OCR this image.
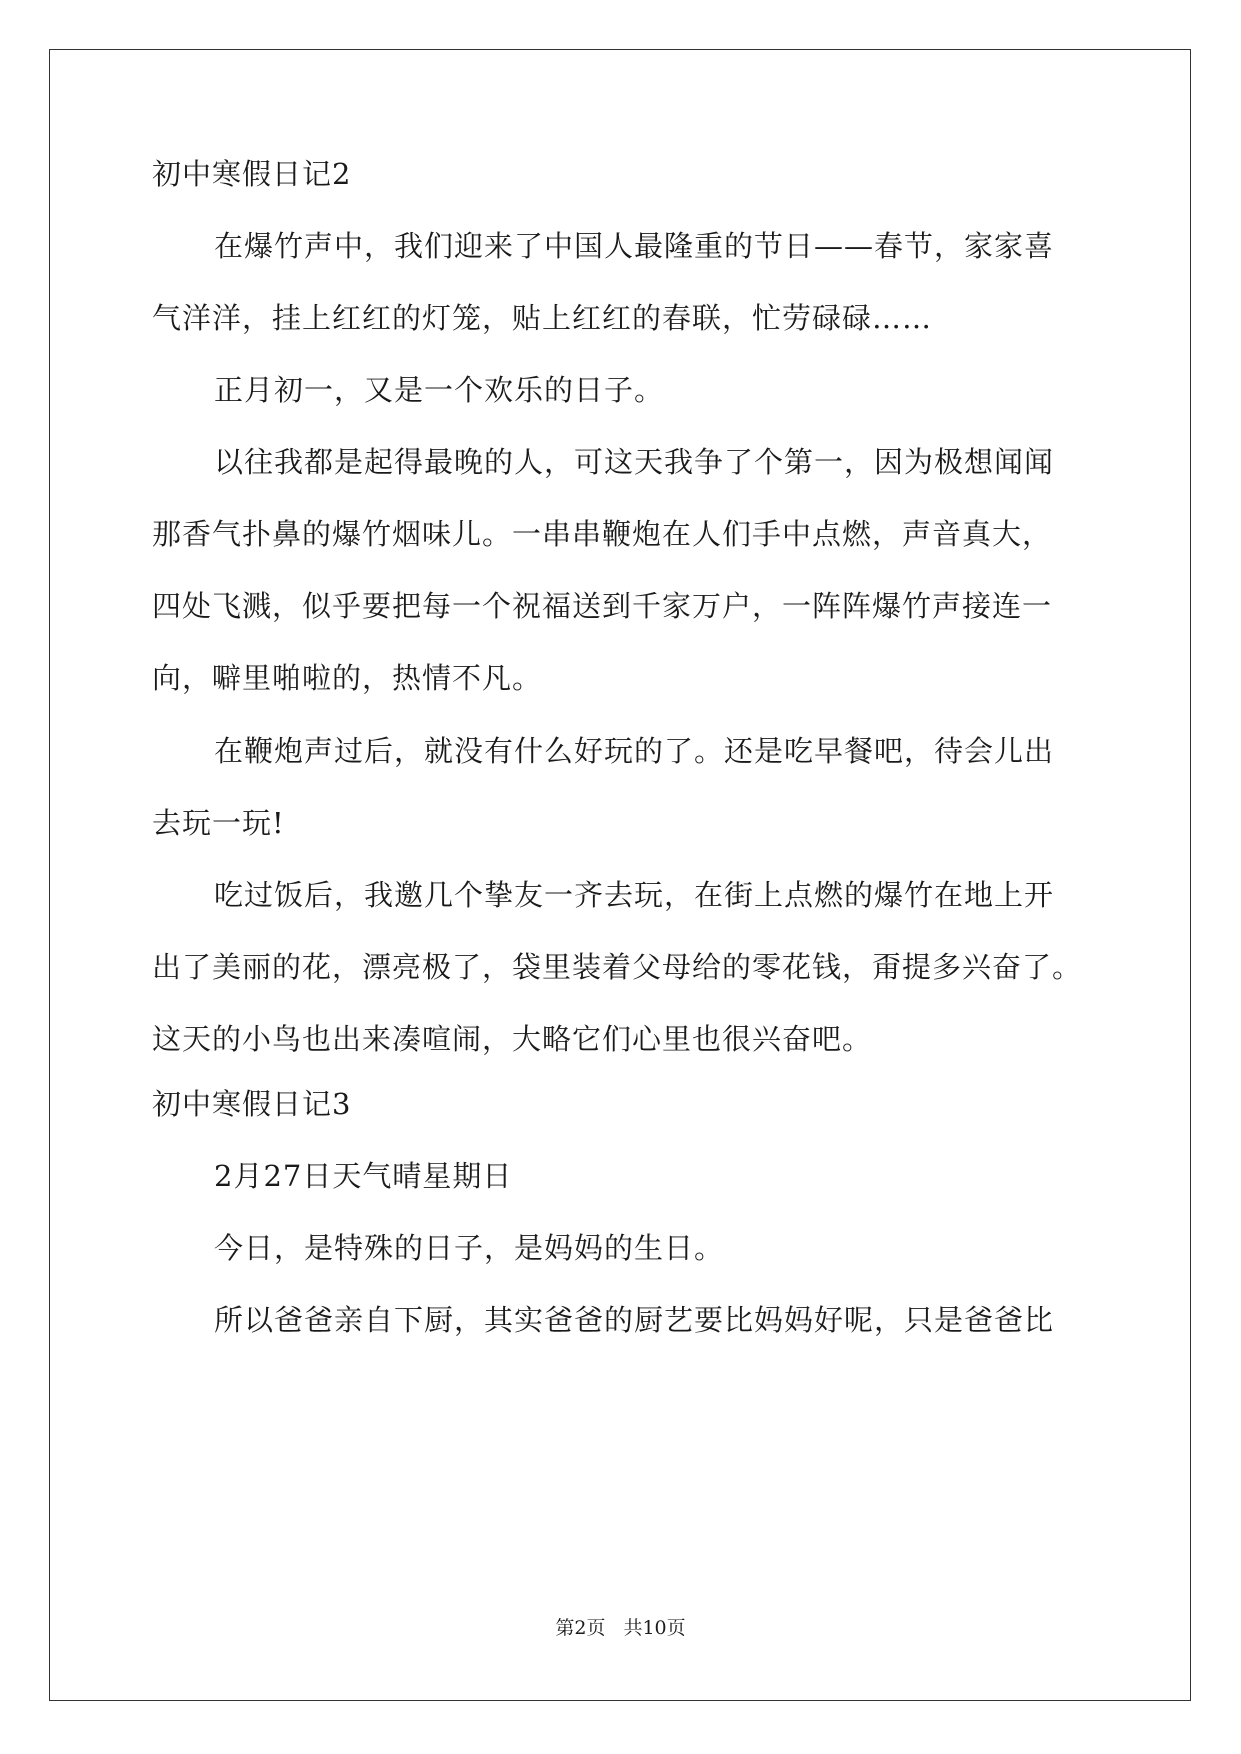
初中寒假日记2
在爆竹声中，我们迎来了中国人最隆重的节日——春节，家家喜
气洋洋，挂上红红的灯笼，贴上红红的春联，忙劳碌碌……
正月初一，又是一个欢乐的日子。
以往我都是起得最晚的人，可这天我争了个第一，因为极想闻闻
那香气扑鼻的爆竹烟味儿。一串串鞭炮在人们手中点燃，声音真大，
四处飞溅，似乎要把每一个祝福送到千家万户，一阵阵爆竹声接连一
向，噼里啪啦的，热情不凡。
在鞭炮声过后，就没有什么好玩的了。还是吃早餐吧，待会儿出
去玩一玩!
吃过饭后，我邀几个挚友一齐去玩，在街上点燃的爆竹在地上开
出了美丽的花，漂亮极了，袋里装着父母给的零花钱，甭提多兴奋了。
这天的小鸟也出来凑喧闹，大略它们心里也很兴奋吧。
初中寒假日记3
2月27日天气晴星期日
今日，是特殊的日子，是妈妈的生日。
所以爸爸亲自下厨，其实爸爸的厨艺要比妈妈好呢，只是爸爸比
第2页 共10页
